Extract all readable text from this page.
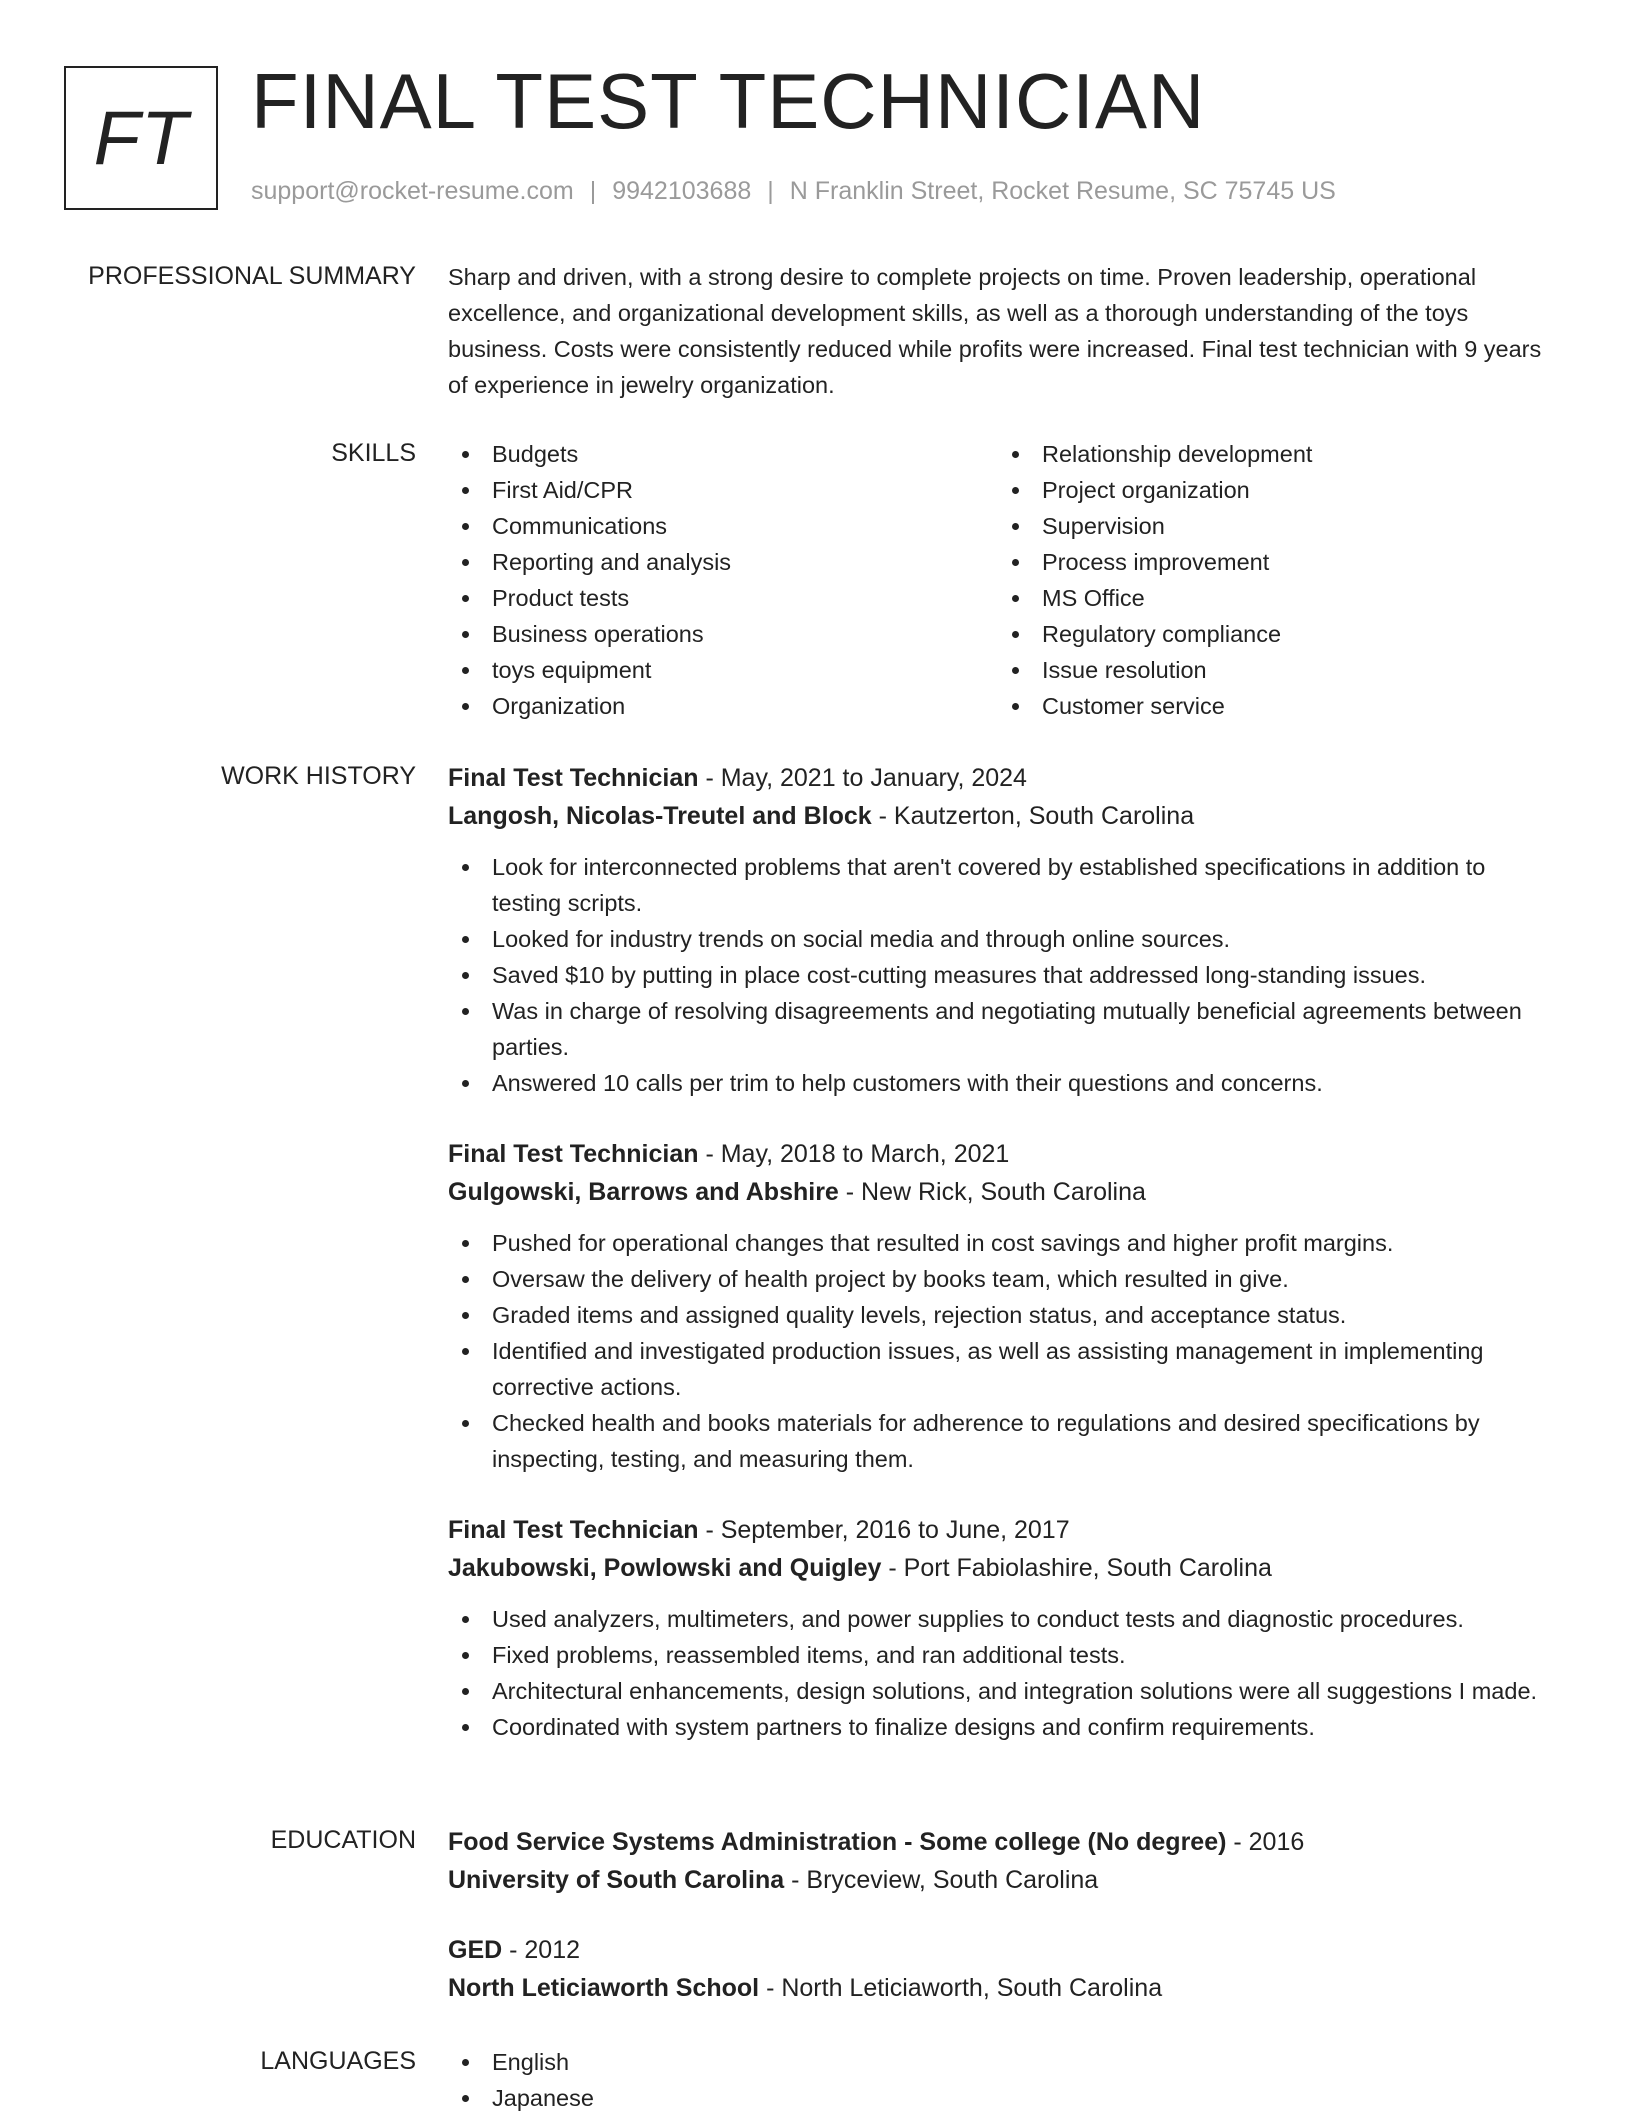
FT FINAL TEST TECHNICIAN
support@rocket-resume.com | 9942103688 | N Franklin Street, Rocket Resume, SC 75745 US
PROFESSIONAL SUMMARY Sharp and driven, with a strong desire to complete projects on time. Proven leadership, operational excellence, and organizational development skills, as well as a thorough understanding of the toys business. Costs were consistently reduced while profits were increased. Final test technician with 9 years of experience in jewelry organization.

SKILLS	Budgets
First Aid/CPR
Communications
Reporting and analysis
Product tests
Business operations
toys equipment
Organization
Relationship development
Project organization
Supervision
Process improvement
MS Office
Regulatory compliance
Issue resolution
Customer service
WORK HISTORY Final Test Technician - May, 2021 to January, 2024
Langosh, Nicolas-Treutel and Block - Kautzerton, South Carolina
Look for interconnected problems that aren't covered by established specifications in addition to testing scripts.
Looked for industry trends on social media and through online sources.
Saved $10 by putting in place cost-cutting measures that addressed long-standing issues.
Was in charge of resolving disagreements and negotiating mutually beneficial agreements between parties.
Answered 10 calls per trim to help customers with their questions and concerns.
Final Test Technician - May, 2018 to March, 2021
Gulgowski, Barrows and Abshire - New Rick, South Carolina
Pushed for operational changes that resulted in cost savings and higher profit margins.
Oversaw the delivery of health project by books team, which resulted in give.
Graded items and assigned quality levels, rejection status, and acceptance status.
Identified and investigated production issues, as well as assisting management in implementing corrective actions.
Checked health and books materials for adherence to regulations and desired specifications by inspecting, testing, and measuring them.
Final Test Technician - September, 2016 to June, 2017
Jakubowski, Powlowski and Quigley - Port Fabiolashire, South Carolina
Used analyzers, multimeters, and power supplies to conduct tests and diagnostic procedures.
Fixed problems, reassembled items, and ran additional tests.
Architectural enhancements, design solutions, and integration solutions were all suggestions I made.
Coordinated with system partners to finalize designs and confirm requirements.
EDUCATION Food Service Systems Administration - Some college (No degree) - 2016
University of South Carolina - Bryceview, South Carolina
GED - 2012
North Leticiaworth School - North Leticiaworth, South Carolina
LANGUAGES	English
Japanese
